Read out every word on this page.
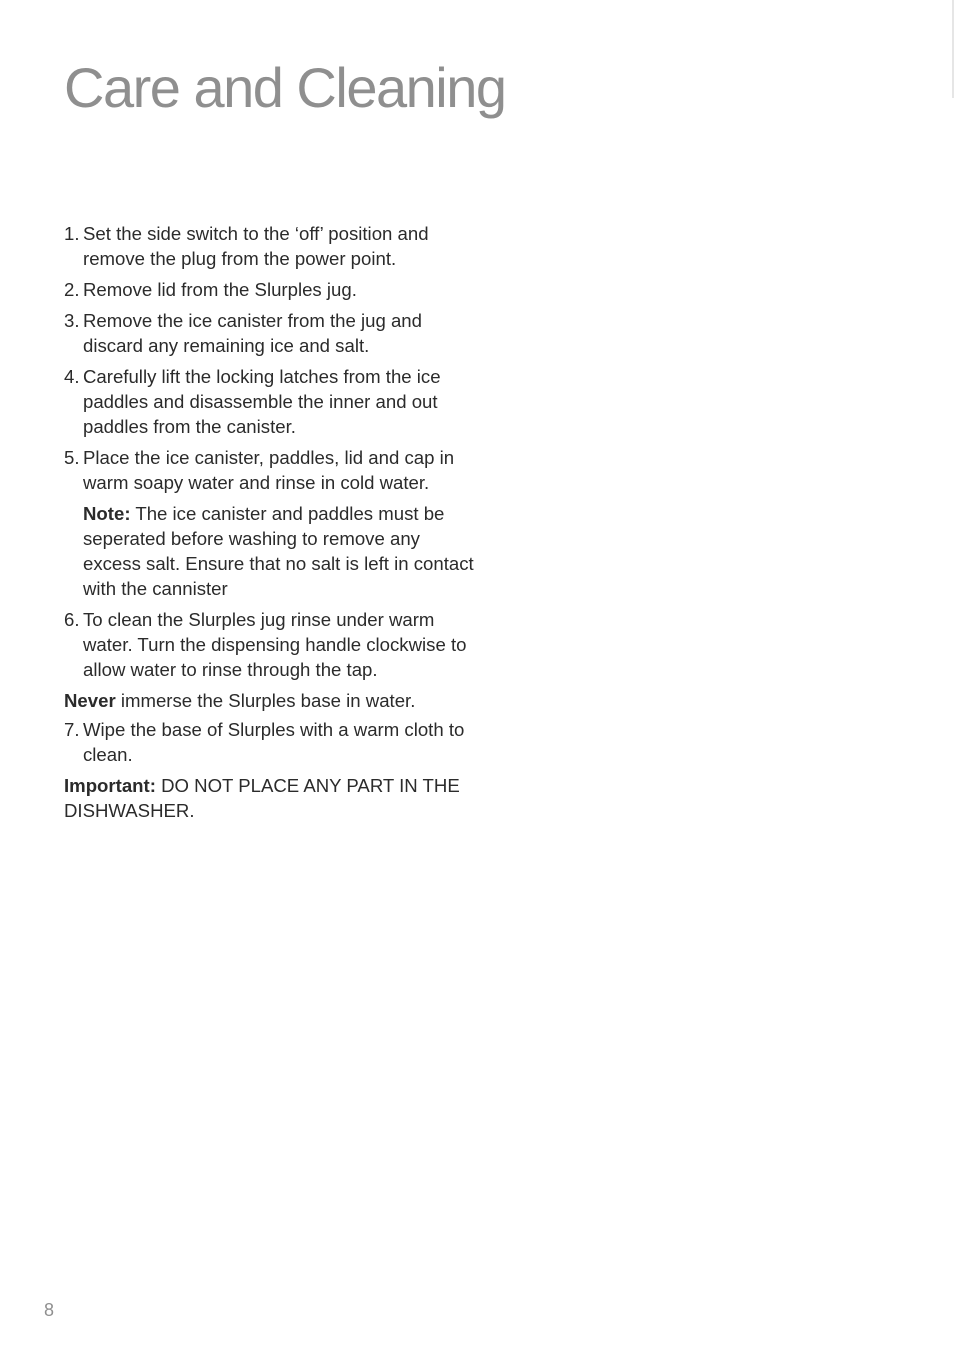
Care and Cleaning
1. Set the side switch to the ‘off’ position and remove the plug from the power point.
2. Remove lid from the Slurples jug.
3. Remove the ice canister from the jug and discard any remaining ice and salt.
4. Carefully lift the locking latches from the ice paddles and disassemble the inner and out paddles from the canister.
5. Place the ice canister, paddles, lid and cap in warm soapy water and rinse in cold water.
Note: The ice canister and paddles must be seperated before washing to remove any excess salt. Ensure that no salt is left in contact with the cannister
6. To clean the Slurples jug rinse under warm water. Turn the dispensing handle clockwise to allow water to rinse through the tap.
Never immerse the Slurples base in water.
7. Wipe the base of Slurples with a warm cloth to clean.
Important: DO NOT PLACE ANY PART IN THE DISHWASHER.
8
